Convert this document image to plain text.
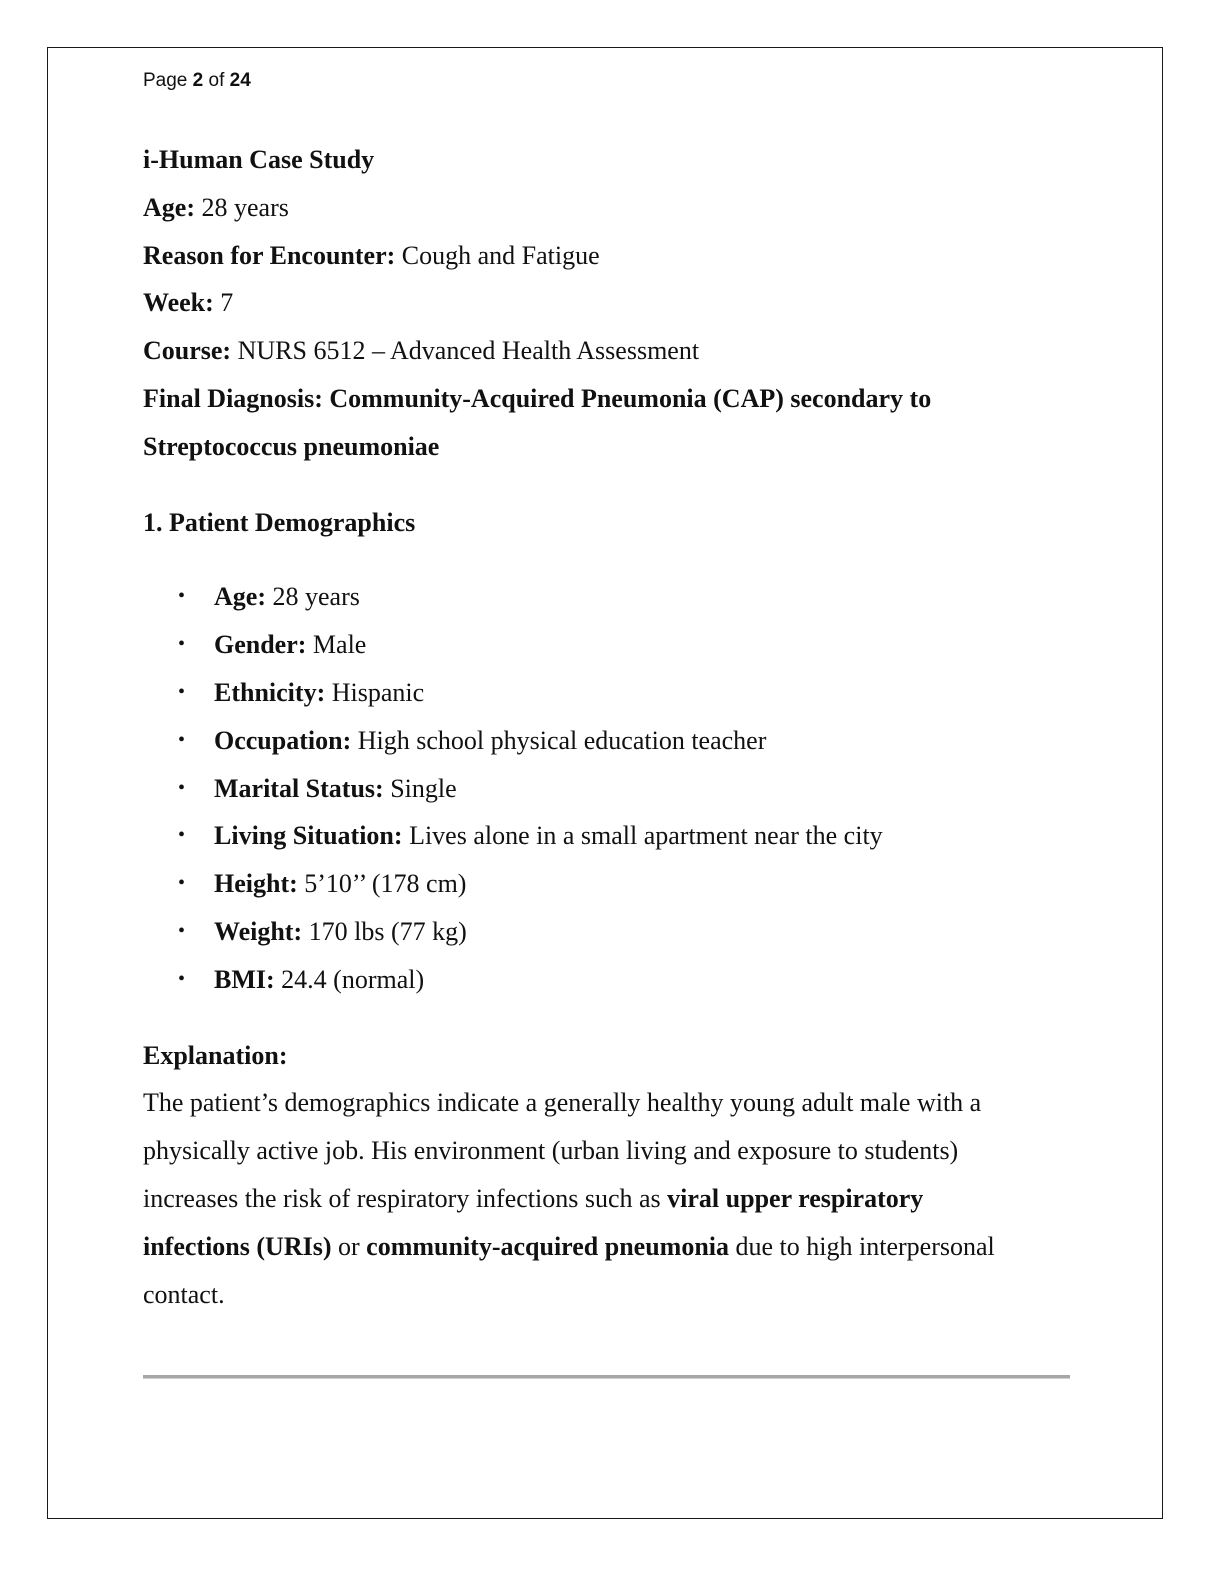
Page 2 of 24
i-Human Case Study
Age: 28 years
Reason for Encounter: Cough and Fatigue
Week: 7
Course: NURS 6512 – Advanced Health Assessment
Final Diagnosis: Community-Acquired Pneumonia (CAP) secondary to
Streptococcus pneumoniae
1. Patient Demographics
• Age: 28 years
• Gender: Male
• Ethnicity: Hispanic
• Occupation: High school physical education teacher
• Marital Status: Single
• Living Situation: Lives alone in a small apartment near the city
• Height: 5’10’’ (178 cm)
• Weight: 170 lbs (77 kg)
• BMI: 24.4 (normal)
Explanation:
The patient’s demographics indicate a generally healthy young adult male with a
physically active job. His environment (urban living and exposure to students)
increases the risk of respiratory infections such as viral upper respiratory
infections (URIs) or community-acquired pneumonia due to high interpersonal
contact.
